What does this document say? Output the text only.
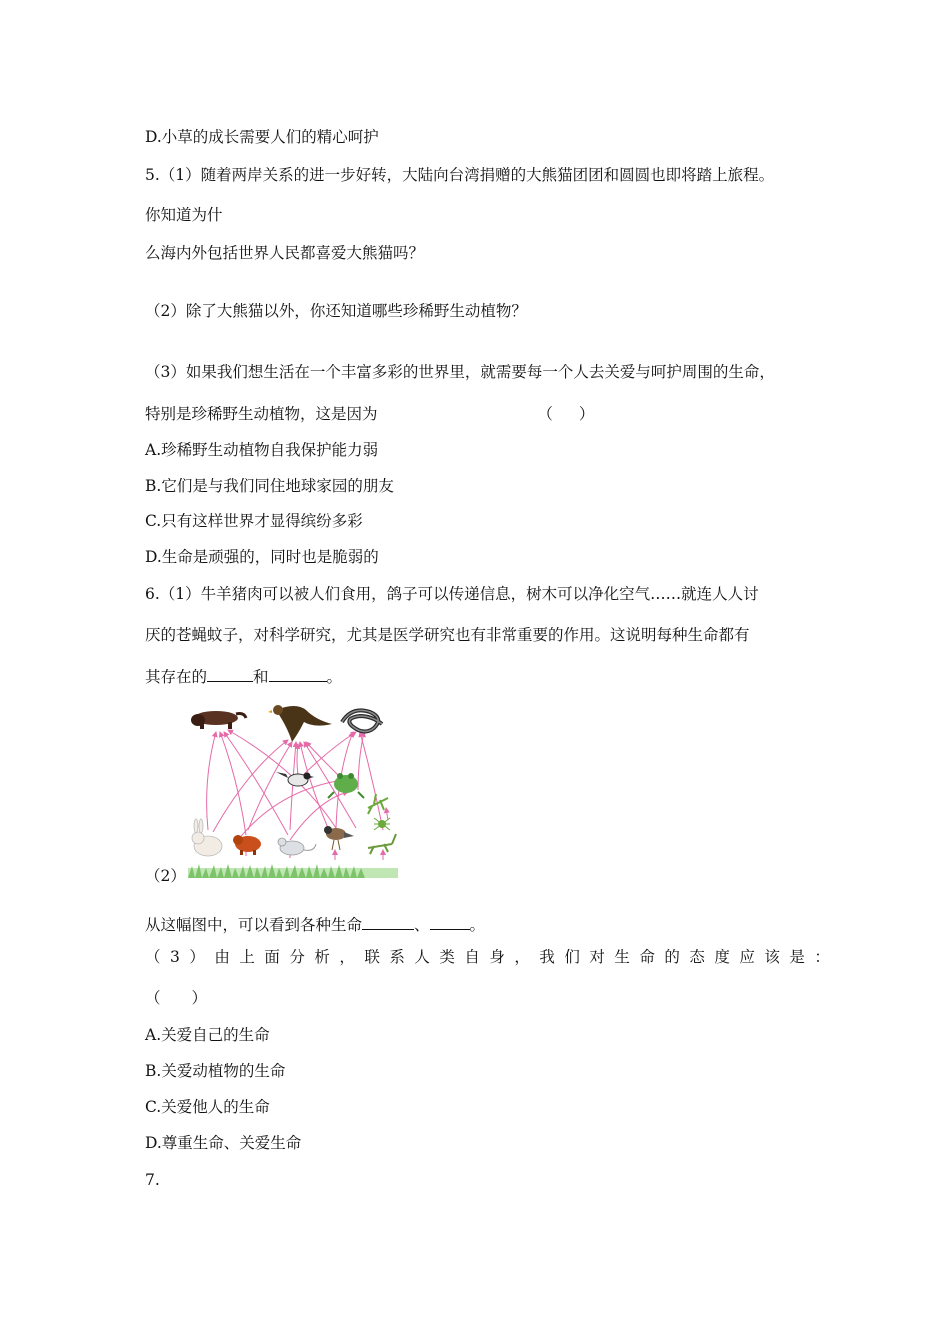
D.小草的成长需要人们的精心呵护
5.（1）随着两岸关系的进一步好转，大陆向台湾捐赠的大熊猫团团和圆圆也即将踏上旅程。
你知道为什
么海内外包括世界人民都喜爱大熊猫吗？
（2）除了大熊猫以外，你还知道哪些珍稀野生动植物？
（3）如果我们想生活在一个丰富多彩的世界里，就需要每一个人去关爱与呵护周围的生命，
特别是珍稀野生动植物，这是因为	（ ）
A.珍稀野生动植物自我保护能力弱
B.它们是与我们同住地球家园的朋友
C.只有这样世界才显得缤纷多彩
D.生命是顽强的，同时也是脆弱的
6.（1）牛羊猪肉可以被人们食用，鸽子可以传递信息，树木可以净化空气……就连人人讨
厌的苍蝇蚊子，对科学研究，尤其是医学研究也有非常重要的作用。这说明每种生命都有
其存在的	和	。
（2）
从这幅图中，可以看到各种生命	、	。
（3）由上面分析，联系人类自身，我们对生命的态度应该是：
（　　）
A.关爱自己的生命
B.关爱动植物的生命
C.关爱他人的生命
D.尊重生命、关爱生命
7.
